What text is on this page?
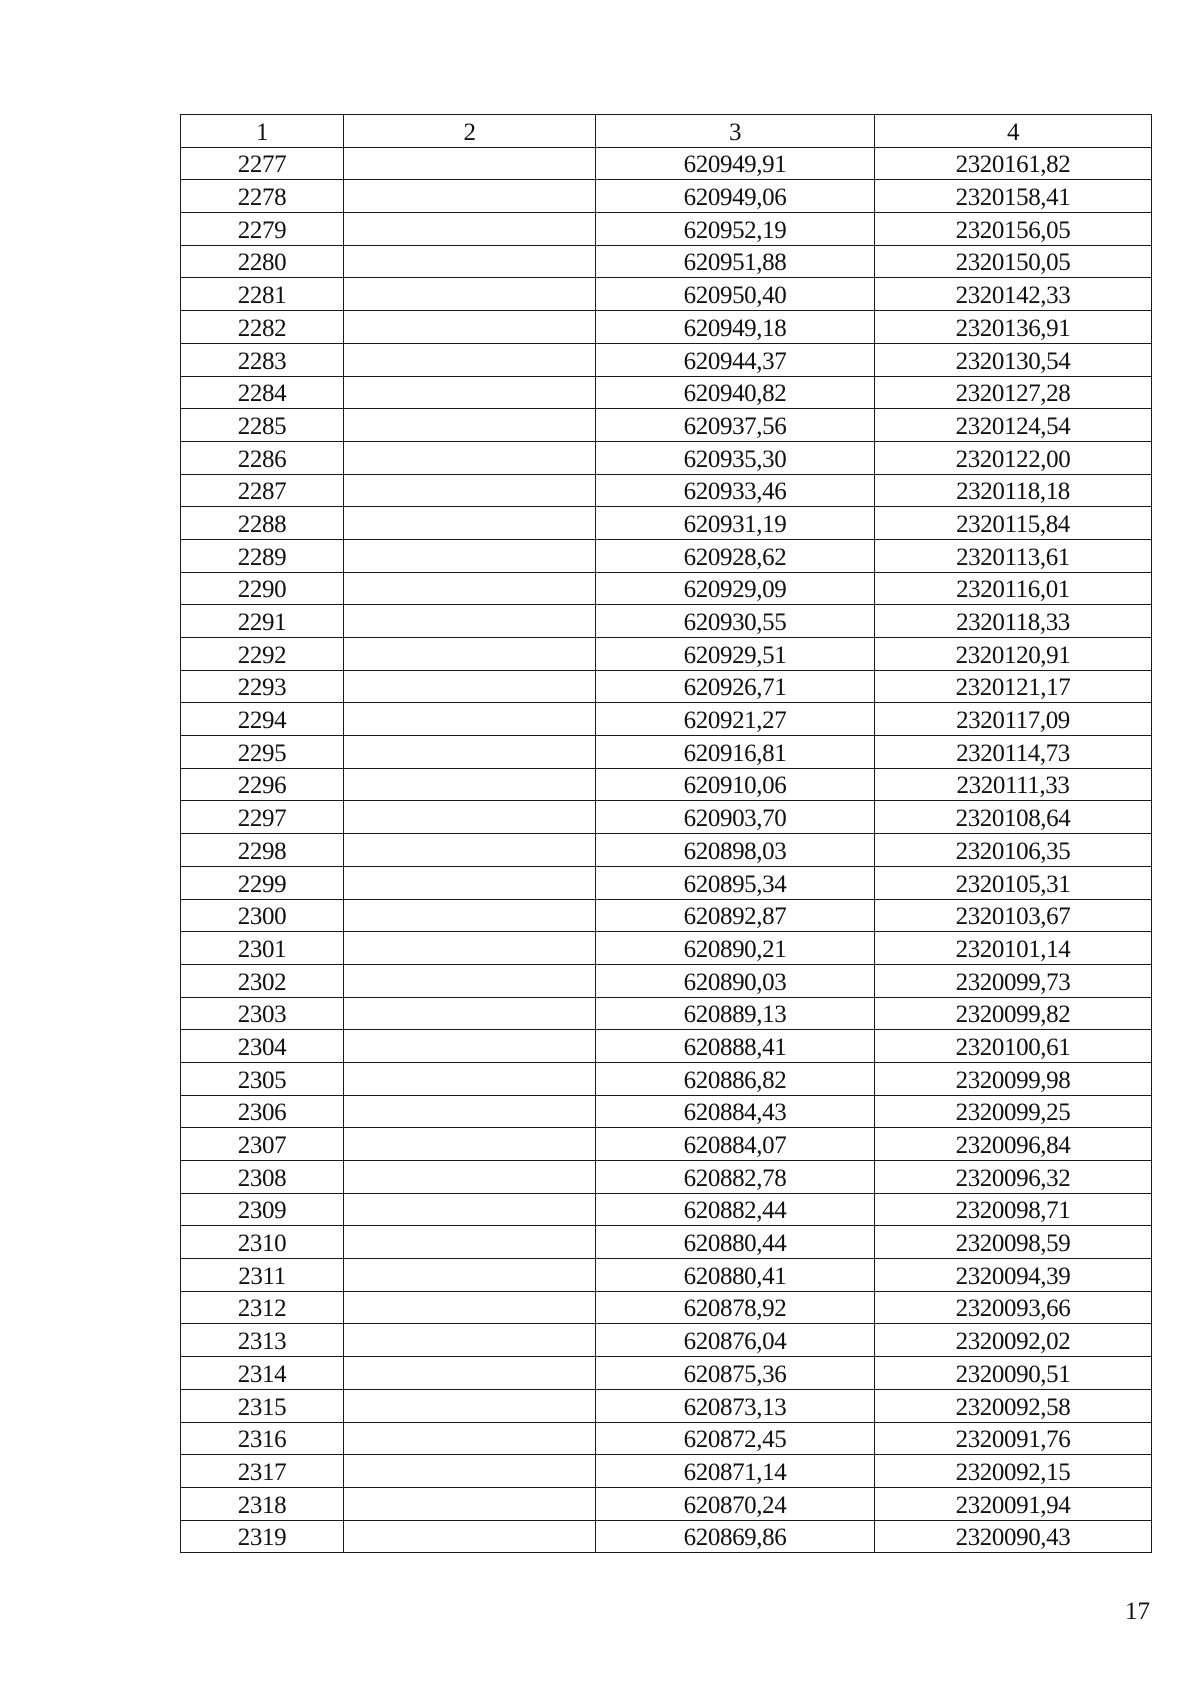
1	2	3	4
2277		620949,91	2320161,82
2278		620949,06	2320158,41
2279		620952,19	2320156,05
2280		620951,88	2320150,05
2281		620950,40	2320142,33
2282		620949,18	2320136,91
2283		620944,37	2320130,54
2284		620940,82	2320127,28
2285		620937,56	2320124,54
2286		620935,30	2320122,00
2287		620933,46	2320118,18
2288		620931,19	2320115,84
2289		620928,62	2320113,61
2290		620929,09	2320116,01
2291		620930,55	2320118,33
2292		620929,51	2320120,91
2293		620926,71	2320121,17
2294		620921,27	2320117,09
2295		620916,81	2320114,73
2296		620910,06	2320111,33
2297		620903,70	2320108,64
2298		620898,03	2320106,35
2299		620895,34	2320105,31
2300		620892,87	2320103,67
2301		620890,21	2320101,14
2302		620890,03	2320099,73
2303		620889,13	2320099,82
2304		620888,41	2320100,61
2305		620886,82	2320099,98
2306		620884,43	2320099,25
2307		620884,07	2320096,84
2308		620882,78	2320096,32
2309		620882,44	2320098,71
2310		620880,44	2320098,59
2311		620880,41	2320094,39
2312		620878,92	2320093,66
2313		620876,04	2320092,02
2314		620875,36	2320090,51
2315		620873,13	2320092,58
2316		620872,45	2320091,76
2317		620871,14	2320092,15
2318		620870,24	2320091,94
2319		620869,86	2320090,43
17
